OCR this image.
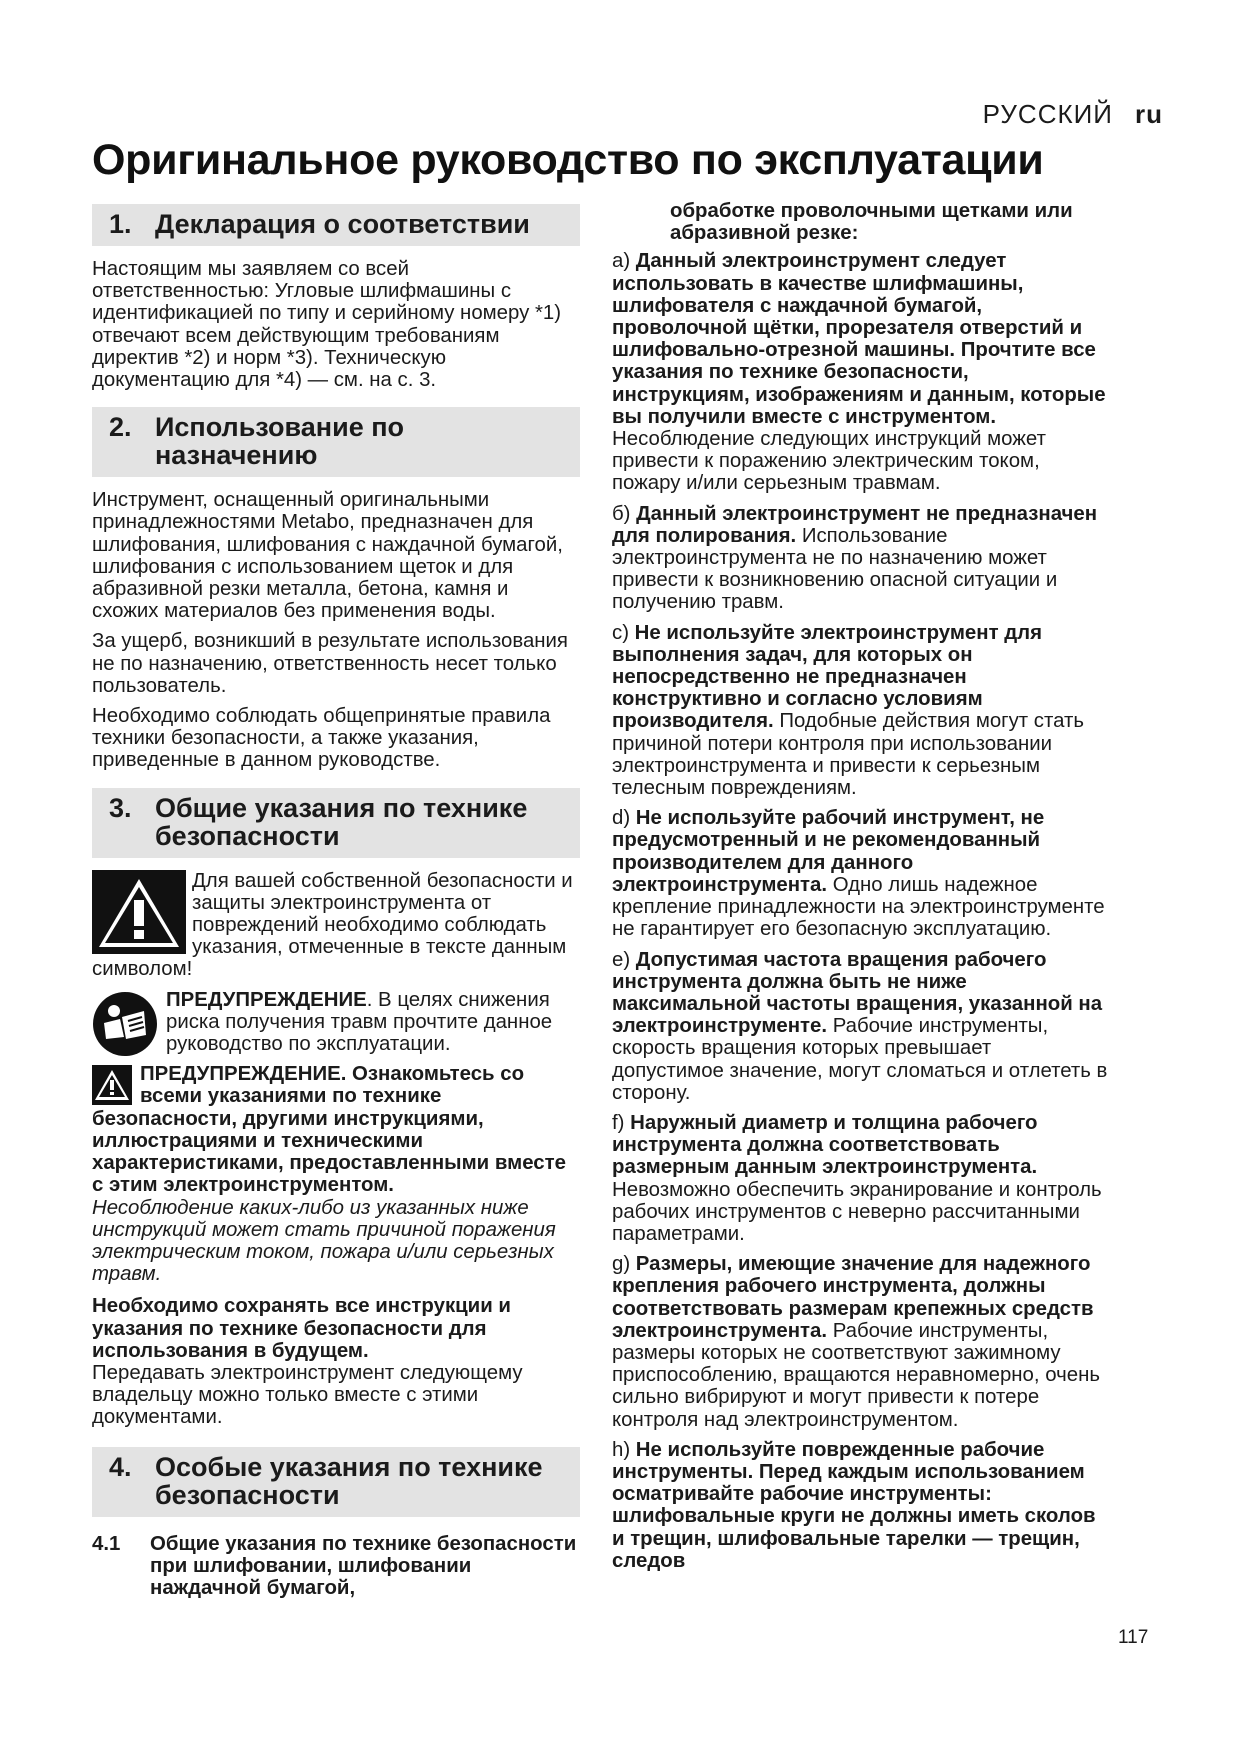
РУССКИЙ ru
Оригинальное руководство по эксплуатации
1. Декларация о соответствии

Настоящим мы заявляем со всей ответственностью: Угловые шлифмашины с идентификацией по типу и серийному номеру *1) отвечают всем действующим требованиям директив *2) и норм *3). Техническую документацию для *4) — см. на с. 3.

2. Использование по назначению

Инструмент, оснащенный оригинальными принадлежностями Metabo, предназначен для шлифования, шлифования с наждачной бумагой, шлифования с использованием щеток и для абразивной резки металла, бетона, камня и схожих материалов без применения воды.

За ущерб, возникший в результате использования не по назначению, ответственность несет только пользователь.

Необходимо соблюдать общепринятые правила техники безопасности, а также указания, приведенные в данном руководстве.

3. Общие указания по технике безопасности

Для вашей собственной безопасности и защиты электроинструмента от повреждений необходимо соблюдать указания, отмеченные в тексте данным символом!

ПРЕДУПРЕЖДЕНИЕ. В целях снижения риска получения травм прочтите данное руководство по эксплуатации.

ПРЕДУПРЕЖДЕНИЕ. Ознакомьтесь со всеми указаниями по технике безопасности, другими инструкциями, иллюстрациями и техническими характеристиками, предоставленными вместе с этим электроинструментом.

Несоблюдение каких-либо из указанных ниже инструкций может стать причиной поражения электрическим током, пожара и/или серьезных травм.

Необходимо сохранять все инструкции и указания по технике безопасности для использования в будущем.

Передавать электроинструмент следующему владельцу можно только вместе с этими документами.

4. Особые указания по технике безопасности
4.1	Общие указания по технике безопасности при шлифовании, шлифовании наждачной бумагой,

обработке проволочными щетками или абразивной резке:

a) Данный электроинструмент следует использовать в качестве шлифмашины, шлифователя с наждачной бумагой, проволочной щётки, прорезателя отверстий и шлифовально-отрезной машины. Прочтите все указания по технике безопасности, инструкциям, изображениям и данным, которые вы получили вместе с инструментом. Несоблюдение следующих инструкций может привести к поражению электрическим током, пожару и/или серьезным травмам.

б) Данный электроинструмент не предназначен для полирования. Использование электроинструмента не по назначению может привести к возникновению опасной ситуации и получению травм.

c) Не используйте электроинструмент для выполнения задач, для которых он непосредственно не предназначен конструктивно и согласно условиям производителя. Подобные действия могут стать причиной потери контроля при использовании электроинструмента и привести к серьезным телесным повреждениям.

d) Не используйте рабочий инструмент, не предусмотренный и не рекомендованный производителем для данного электроинструмента. Одно лишь надежное крепление принадлежности на электроинструменте не гарантирует его безопасную эксплуатацию.

e) Допустимая частота вращения рабочего инструмента должна быть не ниже максимальной частоты вращения, указанной на электроинструменте. Рабочие инструменты, скорость вращения которых превышает допустимое значение, могут сломаться и отлететь в сторону.

f) Наружный диаметр и толщина рабочего инструмента должна соответствовать размерным данным электроинструмента. Невозможно обеспечить экранирование и контроль рабочих инструментов с неверно рассчитанными параметрами.

g) Размеры, имеющие значение для надежного крепления рабочего инструмента, должны соответствовать размерам крепежных средств электроинструмента. Рабочие инструменты, размеры которых не соответствуют зажимному приспособлению, вращаются неравномерно, очень сильно вибрируют и могут привести к потере контроля над электроинструментом.

h) Не используйте поврежденные рабочие инструменты. Перед каждым использованием осматривайте рабочие инструменты: шлифовальные круги не должны иметь сколов и трещин, шлифовальные тарелки — трещин, следов

117
